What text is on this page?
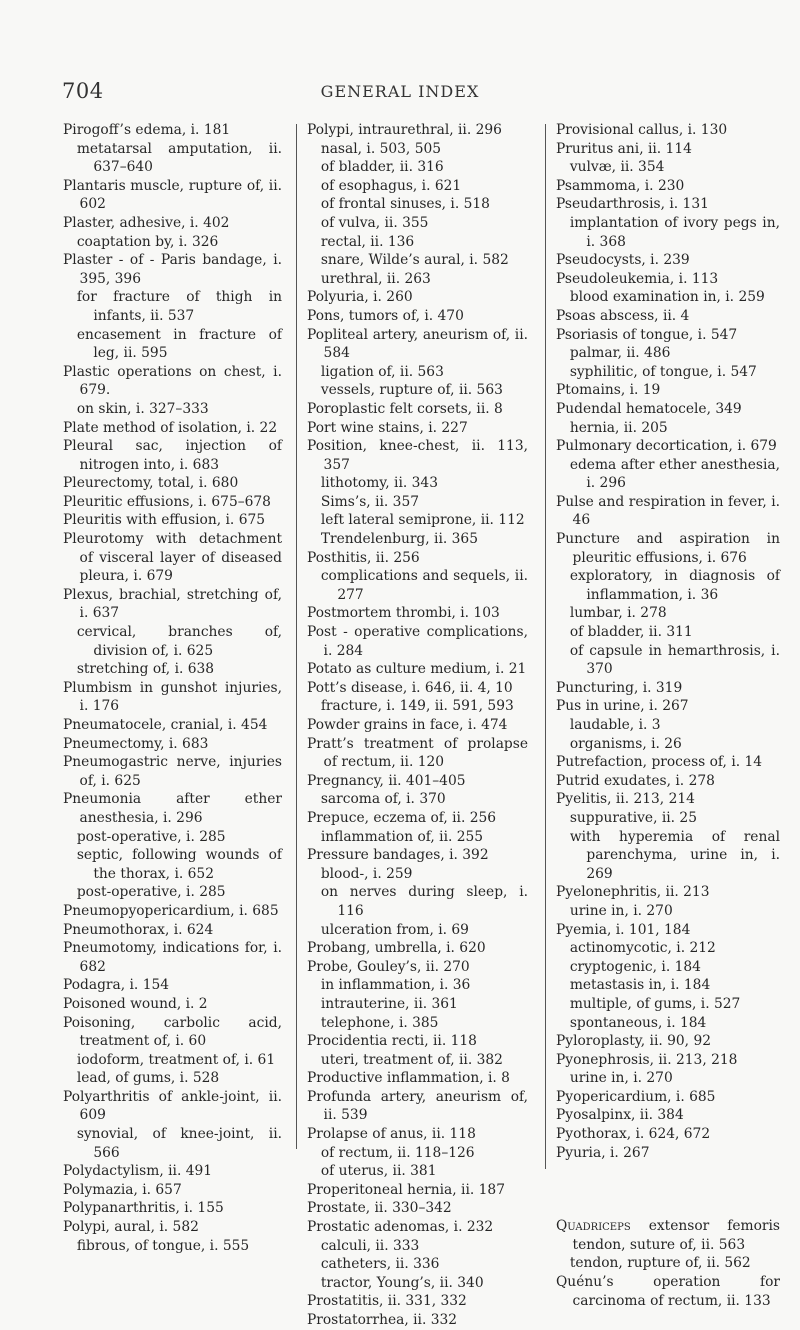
704	GENERAL INDEX
Pirogoff’s edema, i. 181
metatarsal amputation, ii. 637–640
Plantaris muscle, rupture of, ii. 602
Plaster, adhesive, i. 402
coaptation by, i. 326
Plaster - of - Paris bandage, i. 395, 396
for fracture of thigh in infants, ii. 537
encasement in fracture of leg, ii. 595
Plastic operations on chest, i. 679.
on skin, i. 327–333
Plate method of isolation, i. 22
Pleural sac, injection of nitrogen into, i. 683
Pleurectomy, total, i. 680
Pleuritic effusions, i. 675–678
Pleuritis with effusion, i. 675
Pleurotomy with detachment of visceral layer of diseased pleura, i. 679
Plexus, brachial, stretching of, i. 637
cervical, branches of, division of, i. 625
stretching of, i. 638
Plumbism in gunshot injuries, i. 176
Pneumatocele, cranial, i. 454
Pneumectomy, i. 683
Pneumogastric nerve, injuries of, i. 625
Pneumonia after ether anesthesia, i. 296
post-operative, i. 285
septic, following wounds of the thorax, i. 652
post-operative, i. 285
Pneumopyopericardium, i. 685
Pneumothorax, i. 624
Pneumotomy, indications for, i. 682
Podagra, i. 154
Poisoned wound, i. 2
Poisoning, carbolic acid, treatment of, i. 60
iodoform, treatment of, i. 61
lead, of gums, i. 528
Polyarthritis of ankle-joint, ii. 609
synovial, of knee-joint, ii. 566
Polydactylism, ii. 491
Polymazia, i. 657
Polypanarthritis, i. 155
Polypi, aural, i. 582
fibrous, of tongue, i. 555
Polypi, intraurethral, ii. 296
nasal, i. 503, 505
of bladder, ii. 316
of esophagus, i. 621
of frontal sinuses, i. 518
of vulva, ii. 355
rectal, ii. 136
snare, Wilde’s aural, i. 582
urethral, ii. 263
Polyuria, i. 260
Pons, tumors of, i. 470
Popliteal artery, aneurism of, ii. 584
ligation of, ii. 563
vessels, rupture of, ii. 563
Poroplastic felt corsets, ii. 8
Port wine stains, i. 227
Position, knee-chest, ii. 113, 357
lithotomy, ii. 343
Sims’s, ii. 357
left lateral semiprone, ii. 112
Trendelenburg, ii. 365
Posthitis, ii. 256
complications and sequels, ii. 277
Postmortem thrombi, i. 103
Post - operative complications, i. 284
Potato as culture medium, i. 21
Pott’s disease, i. 646, ii. 4, 10
fracture, i. 149, ii. 591, 593
Powder grains in face, i. 474
Pratt’s treatment of prolapse of rectum, ii. 120
Pregnancy, ii. 401–405
sarcoma of, i. 370
Prepuce, eczema of, ii. 256
inflammation of, ii. 255
Pressure bandages, i. 392
blood-, i. 259
on nerves during sleep, i. 116
ulceration from, i. 69
Probang, umbrella, i. 620
Probe, Gouley’s, ii. 270
in inflammation, i. 36
intrauterine, ii. 361
telephone, i. 385
Procidentia recti, ii. 118
uteri, treatment of, ii. 382
Productive inflammation, i. 8
Profunda artery, aneurism of, ii. 539
Prolapse of anus, ii. 118
of rectum, ii. 118–126
of uterus, ii. 381
Properitoneal hernia, ii. 187
Prostate, ii. 330–342
Prostatic adenomas, i. 232
calculi, ii. 333
catheters, ii. 336
tractor, Young’s, ii. 340
Prostatitis, ii. 331, 332
Prostatorrhea, ii. 332
Provisional callus, i. 130
Pruritus ani, ii. 114
vulvæ, ii. 354
Psammoma, i. 230
Pseudarthrosis, i. 131
implantation of ivory pegs in, i. 368
Pseudocysts, i. 239
Pseudoleukemia, i. 113
blood examination in, i. 259
Psoas abscess, ii. 4
Psoriasis of tongue, i. 547
palmar, ii. 486
syphilitic, of tongue, i. 547
Ptomains, i. 19
Pudendal hematocele, 349
hernia, ii. 205
Pulmonary decortication, i. 679
edema after ether anesthesia, i. 296
Pulse and respiration in fever, i. 46
Puncture and aspiration in pleuritic effusions, i. 676
exploratory, in diagnosis of inflammation, i. 36
lumbar, i. 278
of bladder, ii. 311
of capsule in hemarthrosis, i. 370
Puncturing, i. 319
Pus in urine, i. 267
laudable, i. 3
organisms, i. 26
Putrefaction, process of, i. 14
Putrid exudates, i. 278
Pyelitis, ii. 213, 214
suppurative, ii. 25
with hyperemia of renal parenchyma, urine in, i. 269
Pyelonephritis, ii. 213
urine in, i. 270
Pyemia, i. 101, 184
actinomycotic, i. 212
cryptogenic, i. 184
metastasis in, i. 184
multiple, of gums, i. 527
spontaneous, i. 184
Pyloroplasty, ii. 90, 92
Pyonephrosis, ii. 213, 218
urine in, i. 270
Pyopericardium, i. 685
Pyosalpinx, ii. 384
Pyothorax, i. 624, 672
Pyuria, i. 267
Quadriceps extensor femoris tendon, suture of, ii. 563
tendon, rupture of, ii. 562
Quénu’s operation for carcinoma of rectum, ii. 133
